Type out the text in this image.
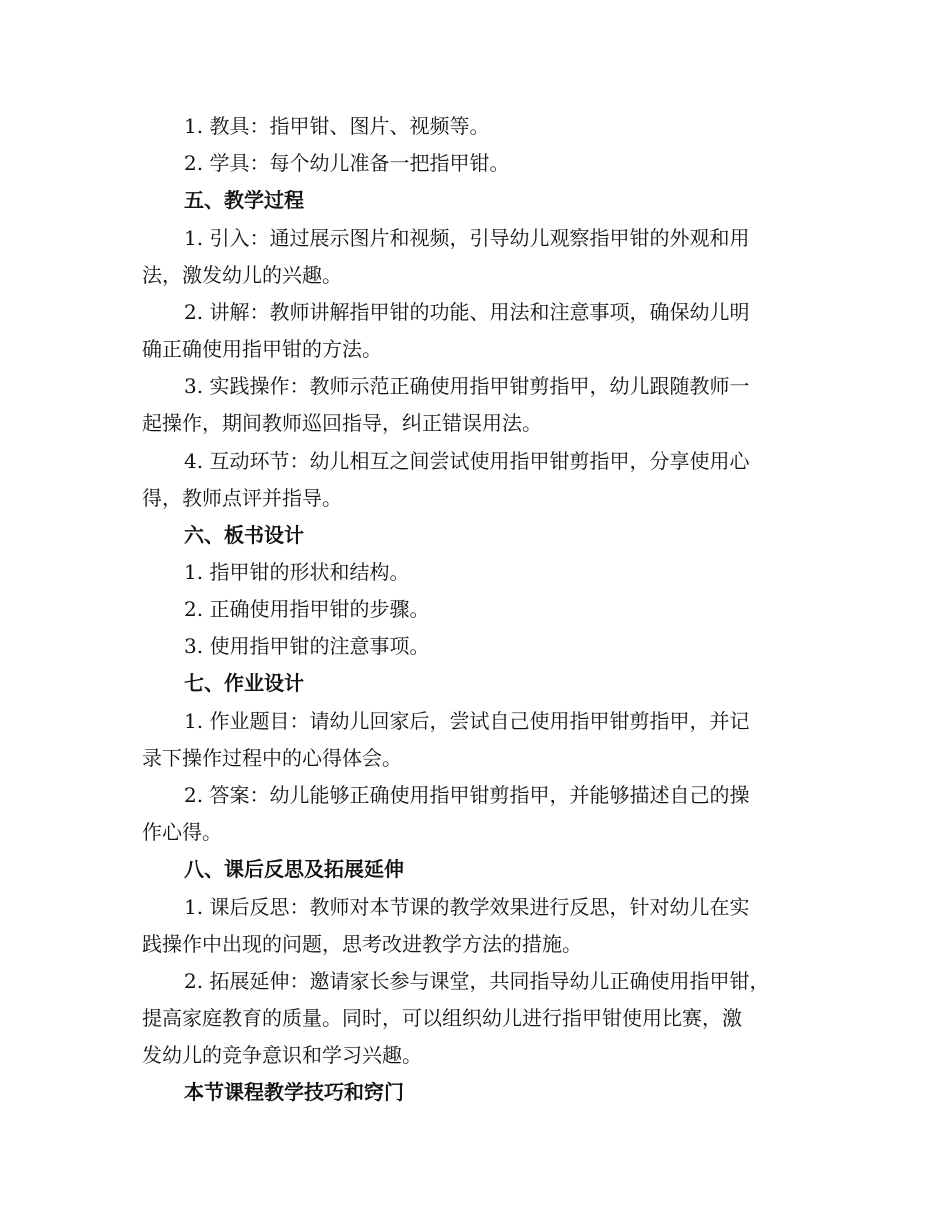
1. 教具：指甲钳、图片、视频等。
2. 学具：每个幼儿准备一把指甲钳。
五、教学过程
1. 引入：通过展示图片和视频，引导幼儿观察指甲钳的外观和用
法，激发幼儿的兴趣。
2. 讲解：教师讲解指甲钳的功能、用法和注意事项，确保幼儿明
确正确使用指甲钳的方法。
3. 实践操作：教师示范正确使用指甲钳剪指甲，幼儿跟随教师一
起操作，期间教师巡回指导，纠正错误用法。
4. 互动环节：幼儿相互之间尝试使用指甲钳剪指甲，分享使用心
得，教师点评并指导。
六、板书设计
1. 指甲钳的形状和结构。
2. 正确使用指甲钳的步骤。
3. 使用指甲钳的注意事项。
七、作业设计
1. 作业题目：请幼儿回家后，尝试自己使用指甲钳剪指甲，并记
录下操作过程中的心得体会。
2. 答案：幼儿能够正确使用指甲钳剪指甲，并能够描述自己的操
作心得。
八、课后反思及拓展延伸
1. 课后反思：教师对本节课的教学效果进行反思，针对幼儿在实
践操作中出现的问题，思考改进教学方法的措施。
2. 拓展延伸：邀请家长参与课堂，共同指导幼儿正确使用指甲钳，
提高家庭教育的质量。同时，可以组织幼儿进行指甲钳使用比赛，激
发幼儿的竞争意识和学习兴趣。
本节课程教学技巧和窍门
